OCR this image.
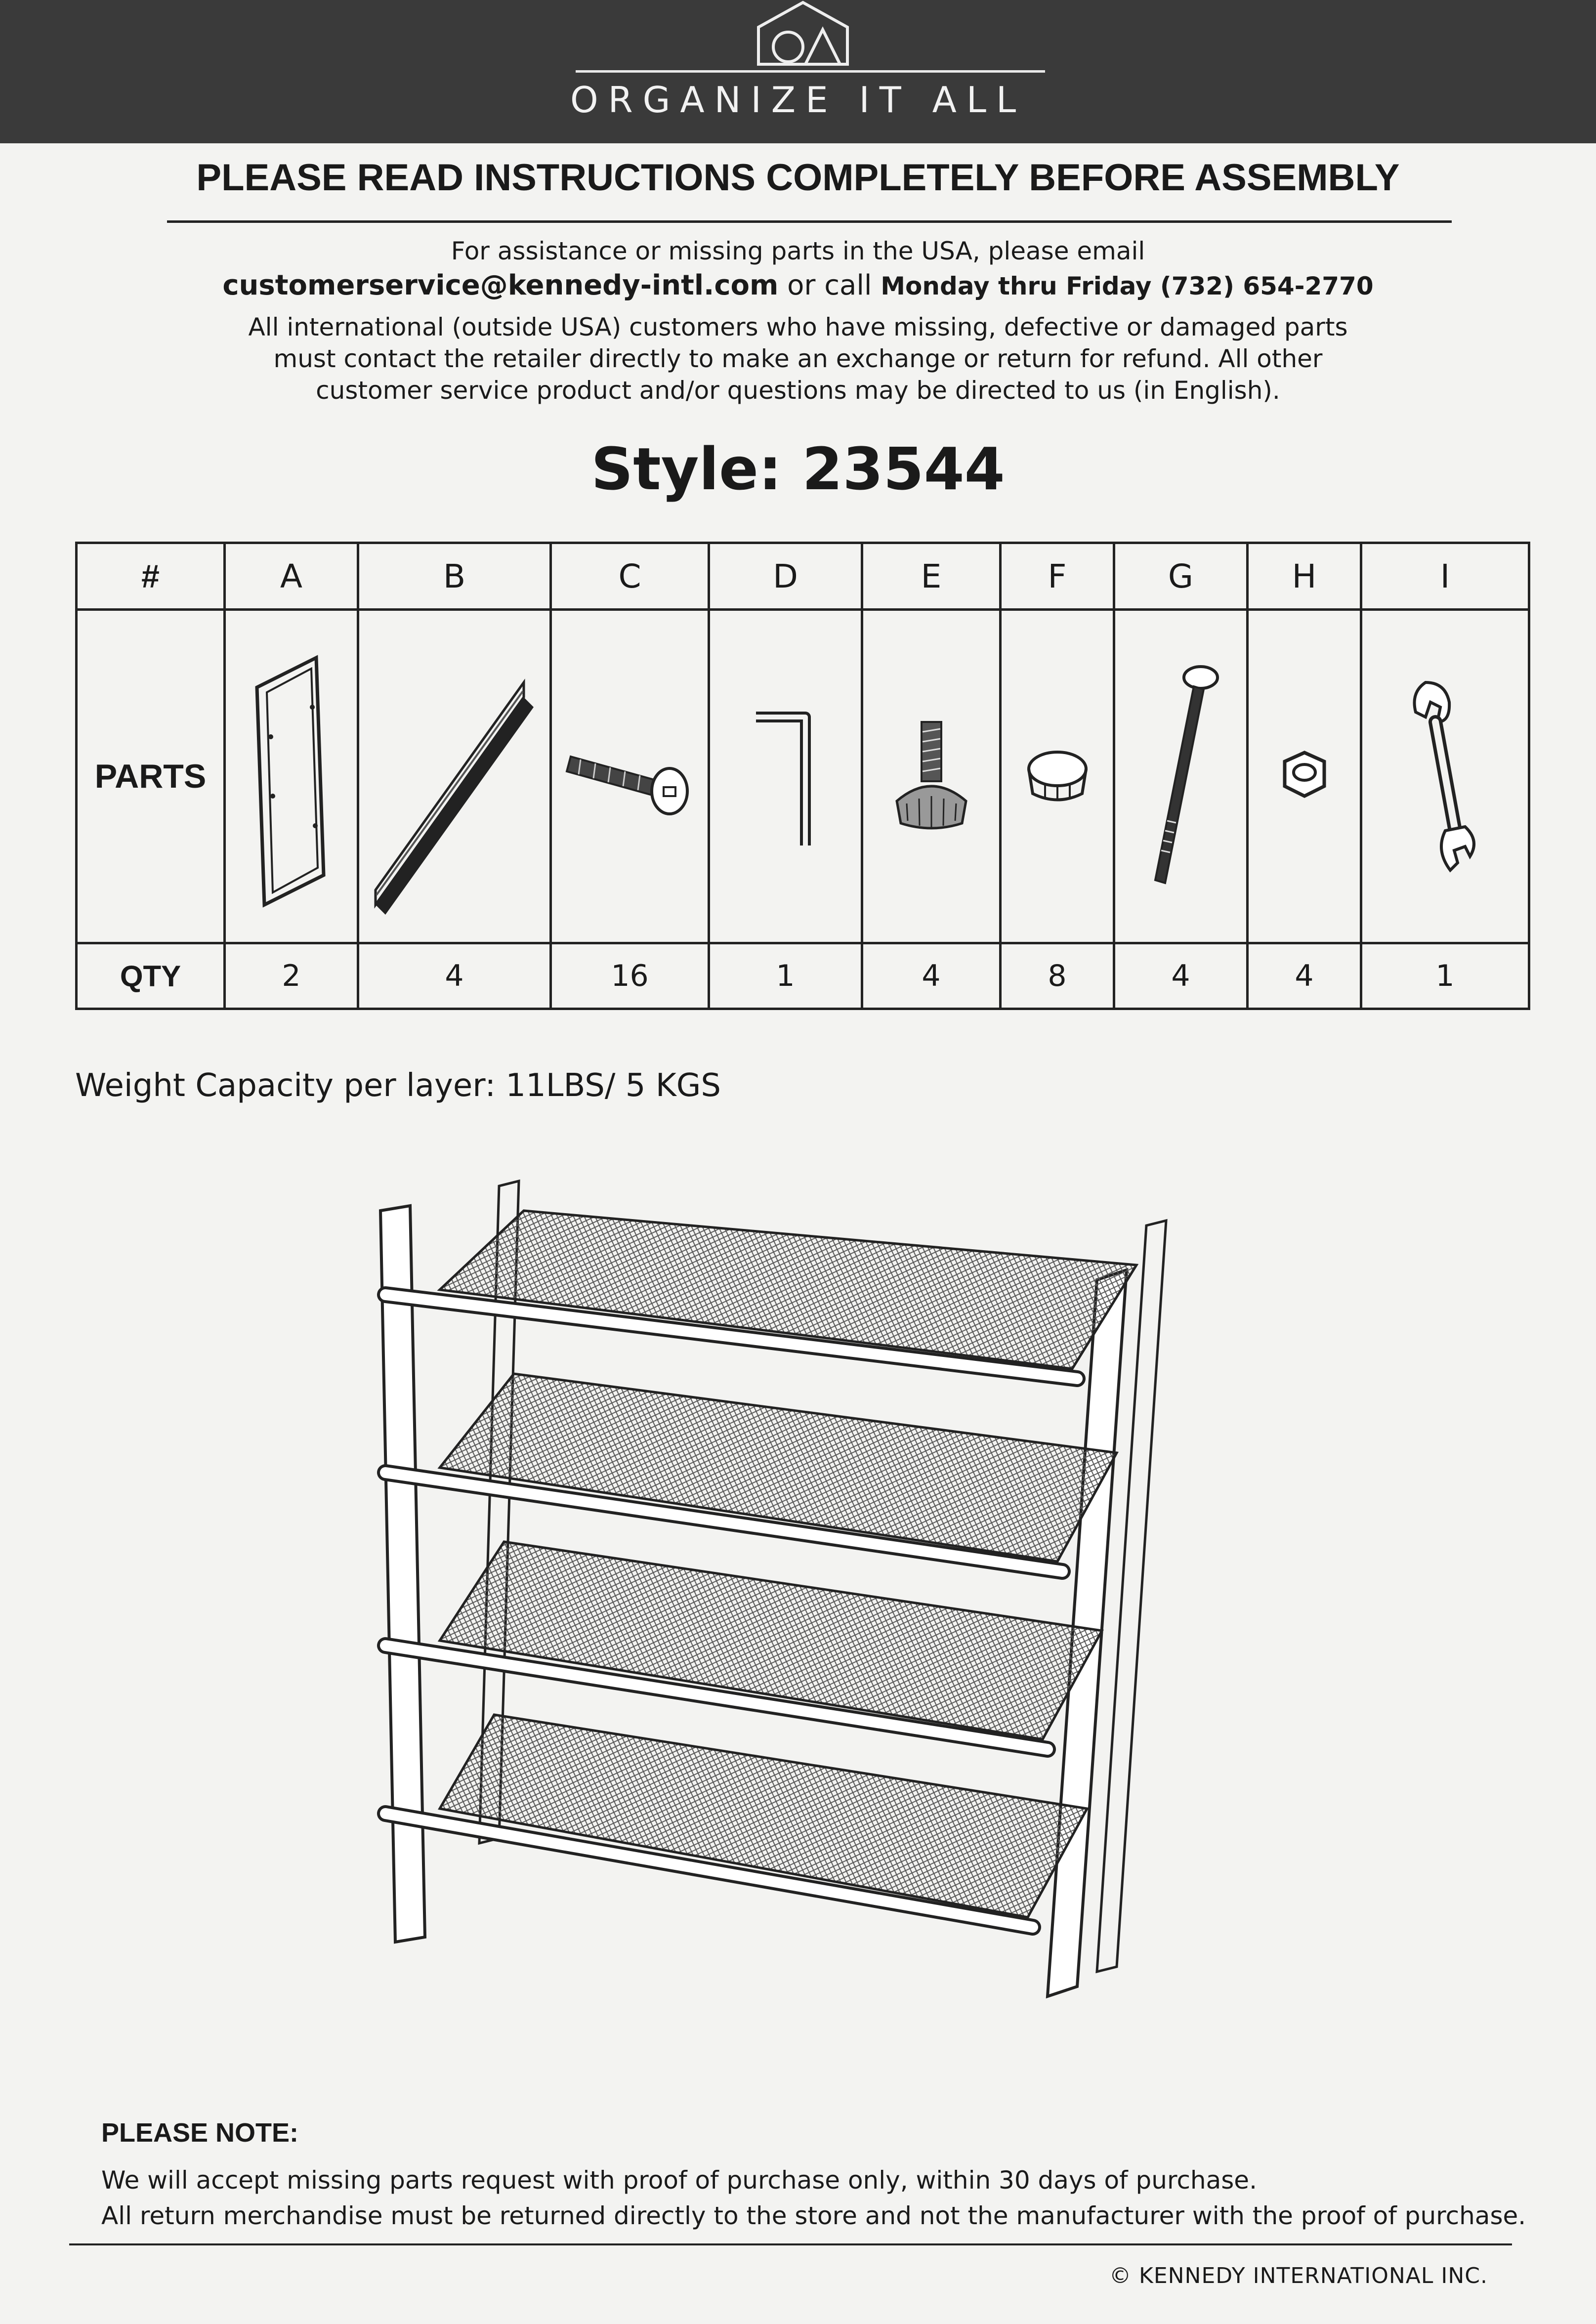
ORGANIZE IT ALL
PLEASE READ INSTRUCTIONS COMPLETELY BEFORE ASSEMBLY
For assistance or missing parts in the USA, please email
customerservice@kennedy-intl.com or call Monday thru Friday (732) 654-2770
All international (outside USA) customers who have missing, defective or damaged parts
must contact the retailer directly to make an exchange or return for refund. All other
customer service product and/or questions may be directed to us (in English).
Style: 23544
#	A	B	C	D	E	F	G	H	I
PARTS	

QTY	2	4	16	1	4	8	4	4	1
Weight Capacity per layer: 11LBS/ 5 KGS
PLEASE NOTE:
We will accept missing parts request with proof of purchase only, within 30 days of purchase.
All return merchandise must be returned directly to the store and not the manufacturer with the proof of purchase.
© KENNEDY INTERNATIONAL INC.
